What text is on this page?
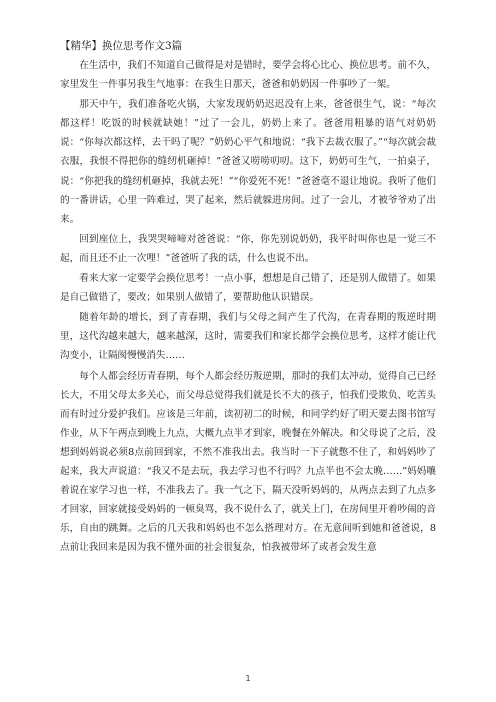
【精华】换位思考作文3篇

在生活中，我们不知道自己做得是对是错时，要学会将心比心、换位思考。前不久，家里发生一件事另我生气地事：在我生日那天，爸爸和奶奶因一件事吵了一架。

那天中午，我们准备吃火锅，大家发现奶奶迟迟没有上来，爸爸很生气，说：“每次都这样！吃饭的时候就缺她！”过了一会儿，奶奶上来了。爸爸用粗暴的语气对奶奶说：“你每次都这样，去干吗了呢？”奶奶心平气和地说：“我下去裁衣服了。”“每次就会裁衣服，我恨不得把你的缝纫机砸掉！”爸爸又唠唠叨叨。这下，奶奶可生气，一拍桌子，说：“你把我的缝纫机砸掉，我就去死！”“你爱死不死！”爸爸毫不退让地说。我听了他们的一番讲话，心里一阵难过，哭了起来，然后就躲进房间。过了一会儿，才被爷爷劝了出来。

回到座位上，我哭哭啼啼对爸爸说：“你，你先别说奶奶，我平时叫你也是一觉三不起，而且还不止一次哩！”爸爸听了我的话，什么也说不出。

看来大家一定要学会换位思考！一点小事，想想是自己错了，还是别人做错了。如果是自己做错了，要改；如果别人做错了，要帮助他认识错误。

随着年龄的增长，到了青春期，我们与父母之间产生了代沟，在青春期的叛逆时期里，这代沟越来越大，越来越深，这时，需要我们和家长都学会换位思考，这样才能让代沟变小，让隔阂慢慢消失……

每个人都会经历青春期，每个人都会经历叛逆期，那时的我们太冲动，觉得自己已经长大，不用父母太多关心，而父母总觉得我们就是长不大的孩子，怕我们受欺负、吃苦头而有时过分爱护我们。应该是三年前，读初初二的时候，和同学约好了明天要去图书馆写作业，从下午两点到晚上九点，大概九点半才到家，晚餐在外解决。和父母说了之后，没想到妈妈说必须8点前回到家，不然不准我出去。我当时一下子就憋不住了，和妈妈吵了起来，我大声说道：“我又不是去玩，我去学习也不行吗？九点半也不会太晚……”妈妈嚷着说在家学习也一样，不准我去了。我一气之下，隔天没听妈妈的，从两点去到了九点多才回家，回家就接受妈妈的一顿臭骂，我不说什么了，就关上门，在房间里开着吵闹的音乐，自由的跳舞。之后的几天我和妈妈也不怎么搭理对方。在无意间听到她和爸爸说，8点前让我回来是因为我不懂外面的社会很复杂，怕我被带坏了或者会发生意

1
